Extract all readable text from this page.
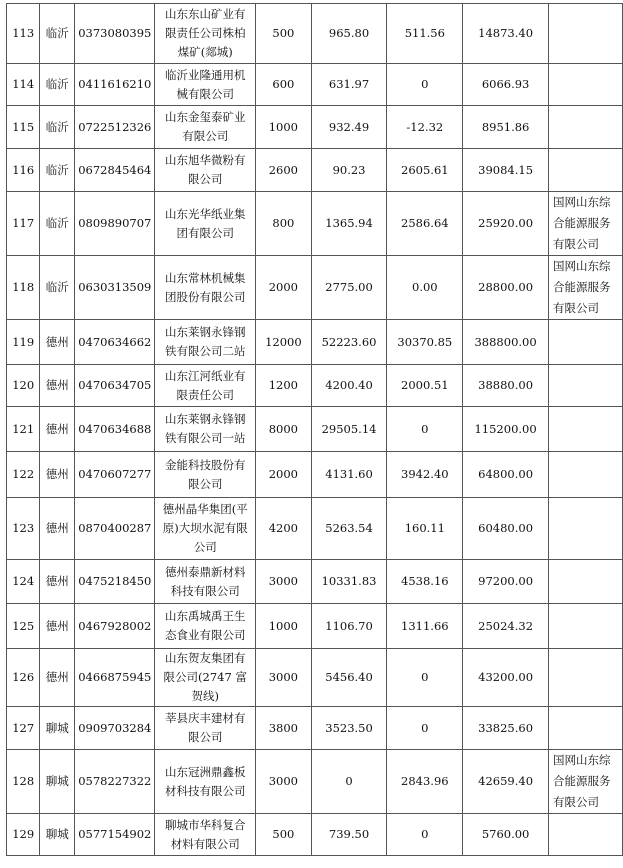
113	临沂	0373080395	山东东山矿业有限责任公司株柏煤矿(郯城)	500	965.80	511.56	14873.40	
114	临沂	0411616210	临沂业隆通用机械有限公司	600	631.97	0	6066.93	
115	临沂	0722512326	山东金玺泰矿业有限公司	1000	932.49	-12.32	8951.86	
116	临沂	0672845464	山东旭华微粉有限公司	2600	90.23	2605.61	39084.15	
117	临沂	0809890707	山东光华纸业集团有限公司	800	1365.94	2586.64	25920.00	国网山东综合能源服务有限公司
118	临沂	0630313509	山东常林机械集团股份有限公司	2000	2775.00	0.00	28800.00	国网山东综合能源服务有限公司
119	德州	0470634662	山东莱钢永锋钢铁有限公司二站	12000	52223.60	30370.85	388800.00	
120	德州	0470634705	山东江河纸业有限责任公司	1200	4200.40	2000.51	38880.00	
121	德州	0470634688	山东莱钢永锋钢铁有限公司一站	8000	29505.14	0	115200.00	
122	德州	0470607277	金能科技股份有限公司	2000	4131.60	3942.40	64800.00	
123	德州	0870400287	德州晶华集团(平原)大坝水泥有限公司	4200	5263.54	160.11	60480.00	
124	德州	0475218450	德州泰鼎新材料科技有限公司	3000	10331.83	4538.16	97200.00	
125	德州	0467928002	山东禹城禹王生态食业有限公司	1000	1106.70	1311.66	25024.32	
126	德州	0466875945	山东贺友集团有限公司(2747 富贺线)	3000	5456.40	0	43200.00	
127	聊城	0909703284	莘县庆丰建材有限公司	3800	3523.50	0	33825.60	
128	聊城	0578227322	山东冠洲鼎鑫板材科技有限公司	3000	0	2843.96	42659.40	国网山东综合能源服务有限公司
129	聊城	0577154902	聊城市华科复合材料有限公司	500	739.50	0	5760.00	
